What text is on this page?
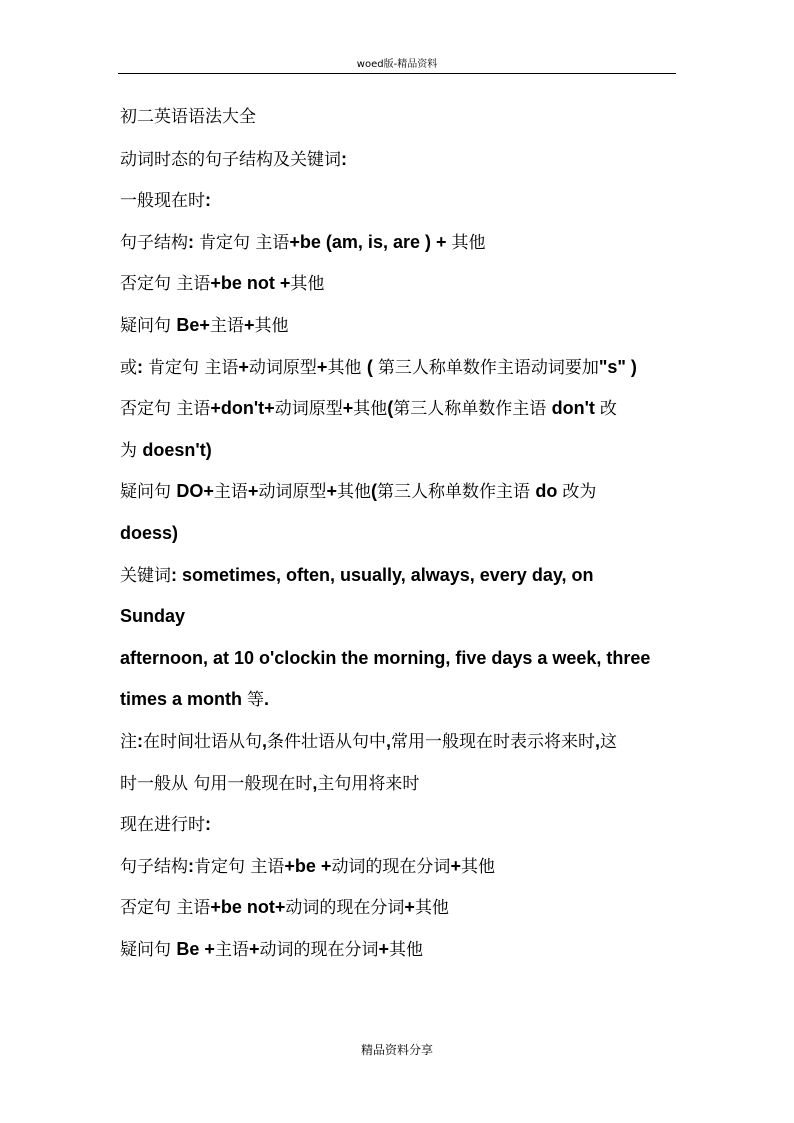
woed版-精品资料
初二英语语法大全
动词时态的句子结构及关键词:
一般现在时:
句子结构: 肯定句 主语+be (am, is, are ) + 其他
否定句 主语+be not +其他
疑问句 Be+主语+其他
或: 肯定句 主语+动词原型+其他 ( 第三人称单数作主语动词要加"s" )
否定句 主语+don't+动词原型+其他(第三人称单数作主语 don't 改
为 doesn't)
疑问句 DO+主语+动词原型+其他(第三人称单数作主语 do 改为
doess)
关键词: sometimes, often, usually, always, every day, on
Sunday
afternoon, at 10 o'clockin the morning, five days a week, three
times a month 等.
注:在时间壮语从句,条件壮语从句中,常用一般现在时表示将来时,这
时一般从 句用一般现在时,主句用将来时
现在进行时:
句子结构:肯定句 主语+be +动词的现在分词+其他
否定句 主语+be not+动词的现在分词+其他
疑问句 Be +主语+动词的现在分词+其他
精品资料分享
